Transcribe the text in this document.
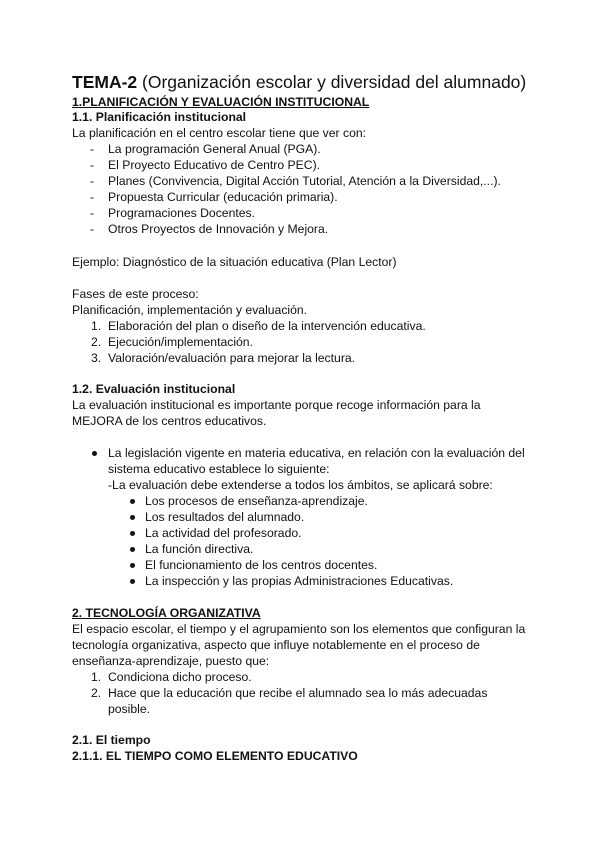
TEMA-2 (Organización escolar y diversidad del alumnado)
1.PLANIFICACIÓN Y EVALUACIÓN INSTITUCIONAL
1.1. Planificación institucional
La planificación en el centro escolar tiene que ver con:
- La programación General Anual (PGA).
- El Proyecto Educativo de Centro PEC).
- Planes (Convivencia, Digital Acción Tutorial, Atención a la Diversidad,...).
- Propuesta Curricular (educación primaria).
- Programaciones Docentes.
- Otros Proyectos de Innovación y Mejora.
Ejemplo: Diagnóstico de la situación educativa (Plan Lector)
Fases de este proceso:
Planificación, implementación y evaluación.
1. Elaboración del plan o diseño de la intervención educativa.
2. Ejecución/implementación.
3. Valoración/evaluación para mejorar la lectura.
1.2. Evaluación institucional
La evaluación institucional es importante porque recoge información para la
MEJORA de los centros educativos.
La legislación vigente en materia educativa, en relación con la evaluación del
sistema educativo establece lo siguiente:
-La evaluación debe extenderse a todos los ámbitos, se aplicará sobre:
Los procesos de enseñanza-aprendizaje.
Los resultados del alumnado.
La actividad del profesorado.
La función directiva.
El funcionamiento de los centros docentes.
La inspección y las propias Administraciones Educativas.
2. TECNOLOGÍA ORGANIZATIVA
El espacio escolar, el tiempo y el agrupamiento son los elementos que configuran la
tecnología organizativa, aspecto que influye notablemente en el proceso de
enseñanza-aprendizaje, puesto que:
1. Condiciona dicho proceso.
2. Hace que la educación que recibe el alumnado sea lo más adecuadas
posible.
2.1. El tiempo
2.1.1. EL TIEMPO COMO ELEMENTO EDUCATIVO
